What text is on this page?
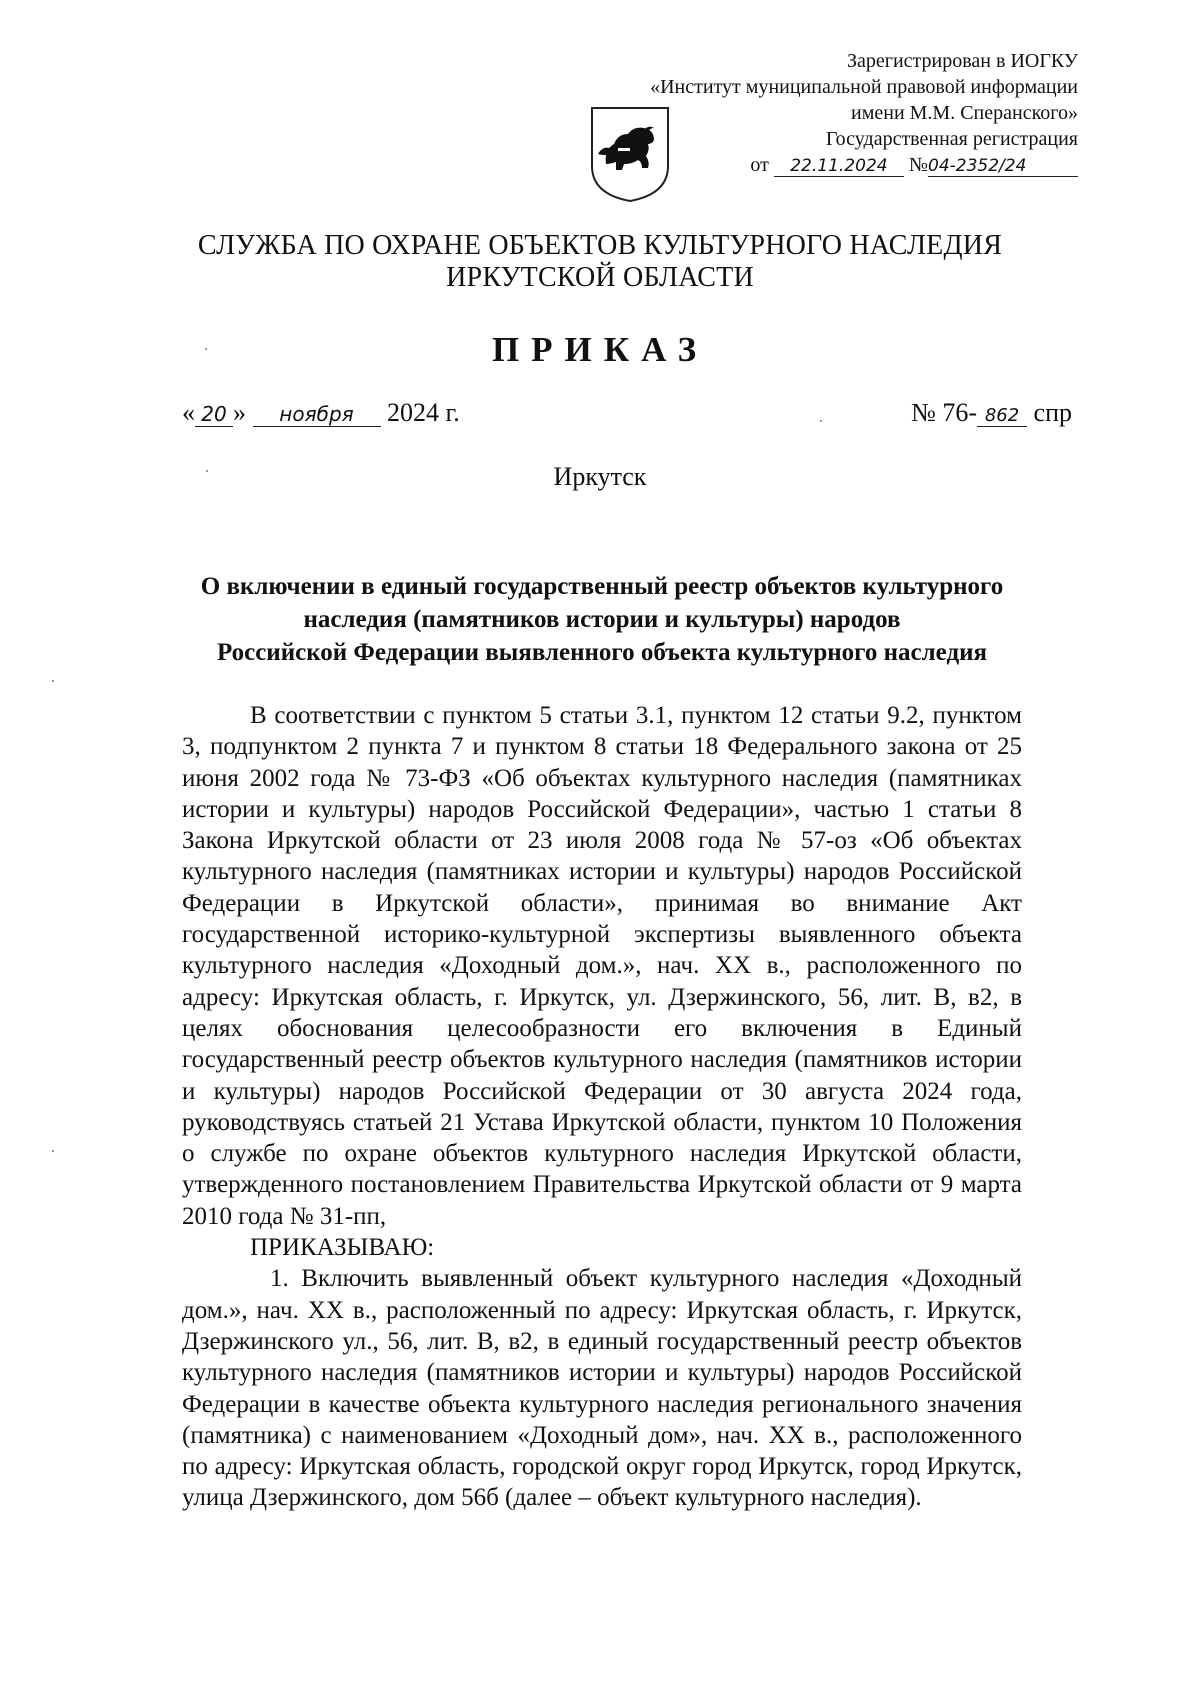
Зарегистрирован в ИОГКУ
«Институт муниципальной правовой информации
имени М.М. Сперанского»
Государственная регистрация
от 22.11.2024 №04-2352/24
СЛУЖБА ПО ОХРАНЕ ОБЪЕКТОВ КУЛЬТУРНОГО НАСЛЕДИЯ
ИРКУТСКОЙ ОБЛАСТИ
ПРИКАЗ
« 20 » ноября 2024 г.	№ 76- 862 спр
Иркутск
О включении в единый государственный реестр объектов культурного
наследия (памятников истории и культуры) народов
Российской Федерации выявленного объекта культурного наследия

В соответствии с пунктом 5 статьи 3.1, пунктом 12 статьи 9.2, пунктом 3, подпунктом 2 пункта 7 и пунктом 8 статьи 18 Федерального закона от 25 июня 2002 года № 73-ФЗ «Об объектах культурного наследия (памятниках истории и культуры) народов Российской Федерации», частью 1 статьи 8 Закона Иркутской области от 23 июля 2008 года № 57-оз «Об объектах культурного наследия (памятниках истории и культуры) народов Российской Федерации в Иркутской области», принимая во внимание Акт государственной историко-культурной экспертизы выявленного объекта культурного наследия «Доходный дом.», нач. XX в., расположенного по адресу: Иркутская область, г. Иркутск, ул. Дзержинского, 56, лит. В, в2, в целях обоснования целесообразности его включения в Единый государственный реестр объектов культурного наследия (памятников истории и культуры) народов Российской Федерации от 30 августа 2024 года, руководствуясь статьей 21 Устава Иркутской области, пунктом 10 Положения о службе по охране объектов культурного наследия Иркутской области, утвержденного постановлением Правительства Иркутской области от 9 марта 2010 года № 31-пп,

ПРИКАЗЫВАЮ:

1. Включить выявленный объект культурного наследия «Доходный дом.», нач. XX в., расположенный по адресу: Иркутская область, г. Иркутск, Дзержинского ул., 56, лит. В, в2, в единый государственный реестр объектов культурного наследия (памятников истории и культуры) народов Российской Федерации в качестве объекта культурного наследия регионального значения (памятника) с наименованием «Доходный дом», нач. XX в., расположенного по адресу: Иркутская область, городской округ город Иркутск, город Иркутск, улица Дзержинского, дом 56б (далее – объект культурного наследия).
